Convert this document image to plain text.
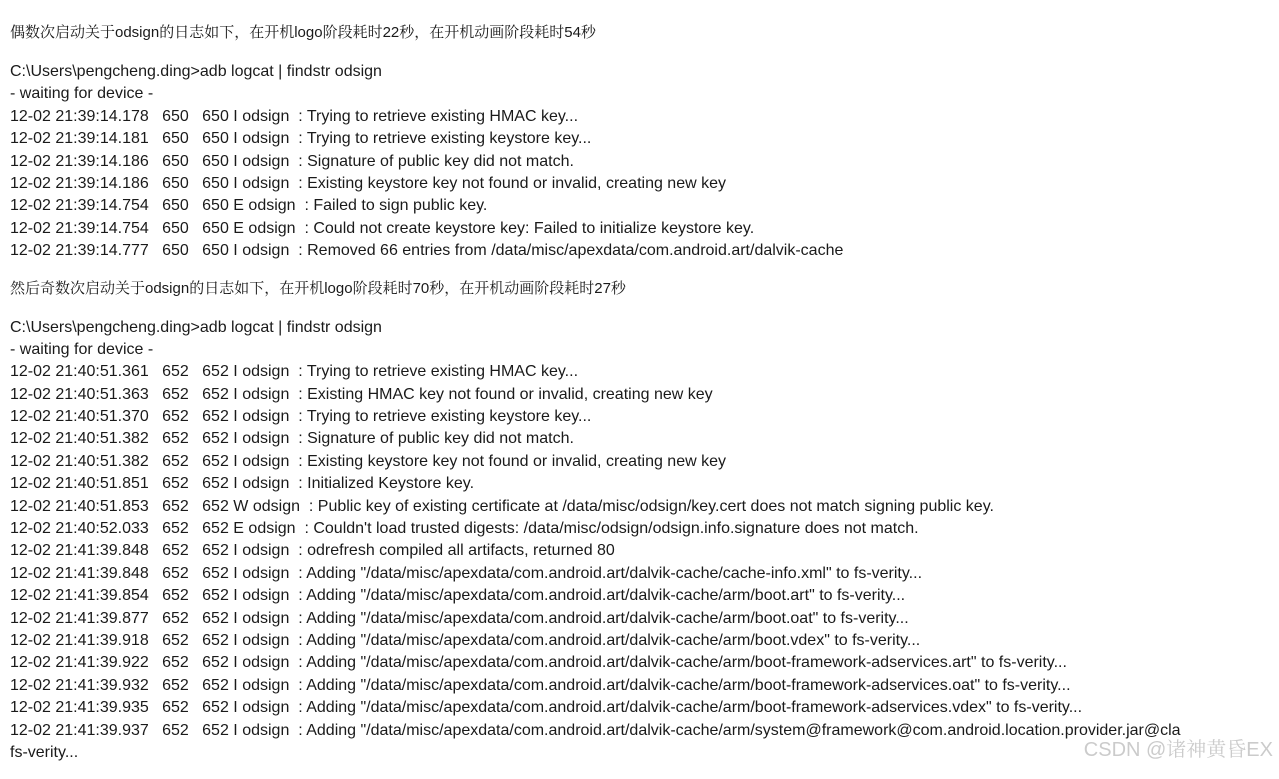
偶数次启动关于odsign的日志如下，在开机logo阶段耗时22秒，在开机动画阶段耗时54秒

C:\Users\pengcheng.ding>adb logcat | findstr odsign
- waiting for device -
12-02 21:39:14.178   650   650 I odsign  : Trying to retrieve existing HMAC key...
12-02 21:39:14.181   650   650 I odsign  : Trying to retrieve existing keystore key...
12-02 21:39:14.186   650   650 I odsign  : Signature of public key did not match.
12-02 21:39:14.186   650   650 I odsign  : Existing keystore key not found or invalid, creating new key
12-02 21:39:14.754   650   650 E odsign  : Failed to sign public key.
12-02 21:39:14.754   650   650 E odsign  : Could not create keystore key: Failed to initialize keystore key.
12-02 21:39:14.777   650   650 I odsign  : Removed 66 entries from /data/misc/apexdata/com.android.art/dalvik-cache

然后奇数次启动关于odsign的日志如下，在开机logo阶段耗时70秒，在开机动画阶段耗时27秒

C:\Users\pengcheng.ding>adb logcat | findstr odsign
- waiting for device -
12-02 21:40:51.361   652   652 I odsign  : Trying to retrieve existing HMAC key...
12-02 21:40:51.363   652   652 I odsign  : Existing HMAC key not found or invalid, creating new key
12-02 21:40:51.370   652   652 I odsign  : Trying to retrieve existing keystore key...
12-02 21:40:51.382   652   652 I odsign  : Signature of public key did not match.
12-02 21:40:51.382   652   652 I odsign  : Existing keystore key not found or invalid, creating new key
12-02 21:40:51.851   652   652 I odsign  : Initialized Keystore key.
12-02 21:40:51.853   652   652 W odsign  : Public key of existing certificate at /data/misc/odsign/key.cert does not match signing public key.
12-02 21:40:52.033   652   652 E odsign  : Couldn't load trusted digests: /data/misc/odsign/odsign.info.signature does not match.
12-02 21:41:39.848   652   652 I odsign  : odrefresh compiled all artifacts, returned 80
12-02 21:41:39.848   652   652 I odsign  : Adding "/data/misc/apexdata/com.android.art/dalvik-cache/cache-info.xml" to fs-verity...
12-02 21:41:39.854   652   652 I odsign  : Adding "/data/misc/apexdata/com.android.art/dalvik-cache/arm/boot.art" to fs-verity...
12-02 21:41:39.877   652   652 I odsign  : Adding "/data/misc/apexdata/com.android.art/dalvik-cache/arm/boot.oat" to fs-verity...
12-02 21:41:39.918   652   652 I odsign  : Adding "/data/misc/apexdata/com.android.art/dalvik-cache/arm/boot.vdex" to fs-verity...
12-02 21:41:39.922   652   652 I odsign  : Adding "/data/misc/apexdata/com.android.art/dalvik-cache/arm/boot-framework-adservices.art" to fs-verity...
12-02 21:41:39.932   652   652 I odsign  : Adding "/data/misc/apexdata/com.android.art/dalvik-cache/arm/boot-framework-adservices.oat" to fs-verity...
12-02 21:41:39.935   652   652 I odsign  : Adding "/data/misc/apexdata/com.android.art/dalvik-cache/arm/boot-framework-adservices.vdex" to fs-verity...
12-02 21:41:39.937   652   652 I odsign  : Adding "/data/misc/apexdata/com.android.art/dalvik-cache/arm/system@framework@com.android.location.provider.jar@cla
fs-verity...	CSDN @诸神黄昏EX
